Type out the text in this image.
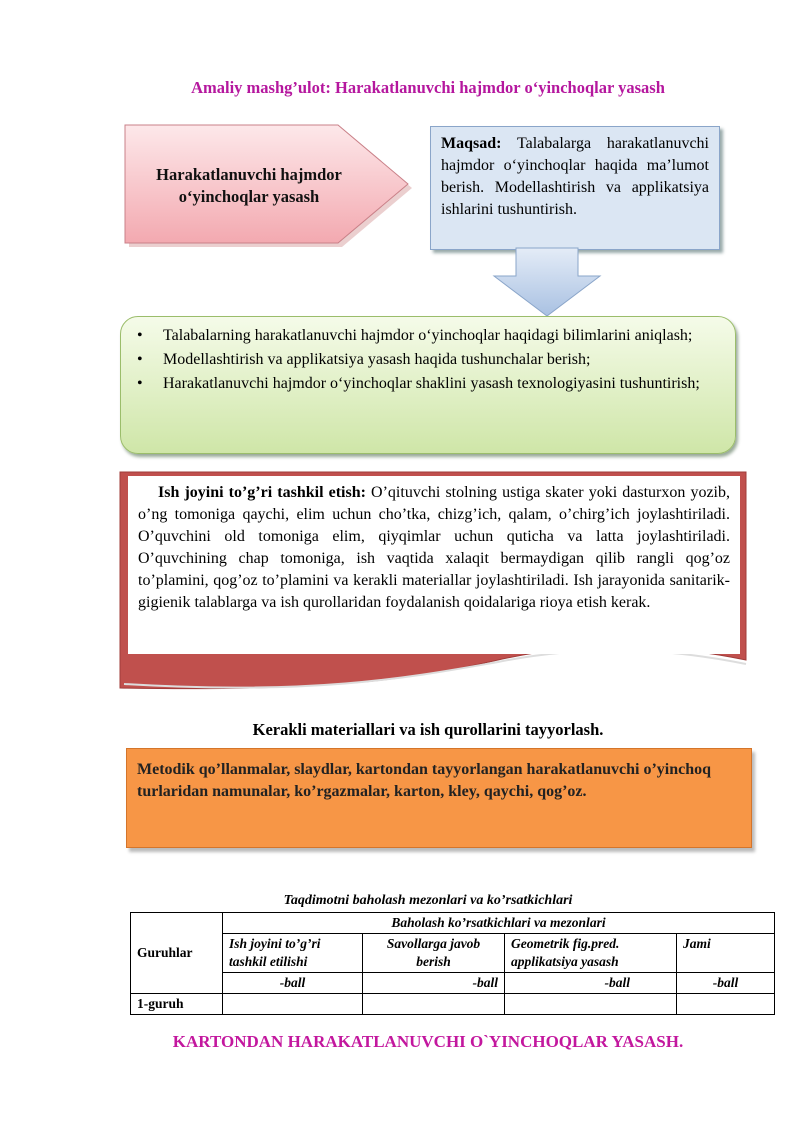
Amaliy mashg’ulot: Harakatlanuvchi hajmdor o‘yinchoqlar yasash
Harakatlanuvchi hajmdor
o‘yinchoqlar yasash
Maqsad: Talabalarga harakatlanuvchi hajmdor o‘yinchoqlar haqida ma’lumot berish. Modellashtirish va applikatsiya ishlarini tushuntirish.
• Talabalarning harakatlanuvchi hajmdor o‘yinchoqlar haqidagi bilimlarini aniqlash;
• Modellashtirish va applikatsiya yasash haqida tushunchalar berish;
• Harakatlanuvchi hajmdor o‘yinchoqlar shaklini yasash texnologiyasini tushuntirish;
Ish joyini to’g’ri tashkil etish: O’qituvchi stolning ustiga skater yoki dasturxon yozib, o’ng tomoniga qaychi, elim uchun cho’tka, chizg’ich, qalam, o’chirg’ich joylashtiriladi. O’quvchini old tomoniga elim, qiyqimlar uchun quticha va latta joylashtiriladi. O’quvchining chap tomoniga, ish vaqtida xalaqit bermaydigan qilib rangli qog’oz to’plamini, qog’oz to’plamini va kerakli materiallar joylashtiriladi. Ish jarayonida sanitarik-gigienik talablarga va ish qurollaridan foydalanish qoidalariga rioya etish kerak.
Kerakli materiallari va ish qurollarini tayyorlash.
Metodik qo’llanmalar, slaydlar, kartondan tayyorlangan harakatlanuvchi o’yinchoq turlaridan namunalar, ko’rgazmalar, karton, kley, qaychi, qog’oz.
Taqdimotni baholash mezonlari va ko’rsatkichlari
Guruhlar	Baholash ko’rsatkichlari va mezonlari			
	Ish joyini to’g’ri tashkil etilishi	Savollarga javob berish	Geometrik fig.pred. applikatsiya yasash	Jami
	-ball	-ball	-ball	-ball
1-guruh				
KARTONDAN HARAKATLANUVCHI O`YINCHOQLAR YASASH.
